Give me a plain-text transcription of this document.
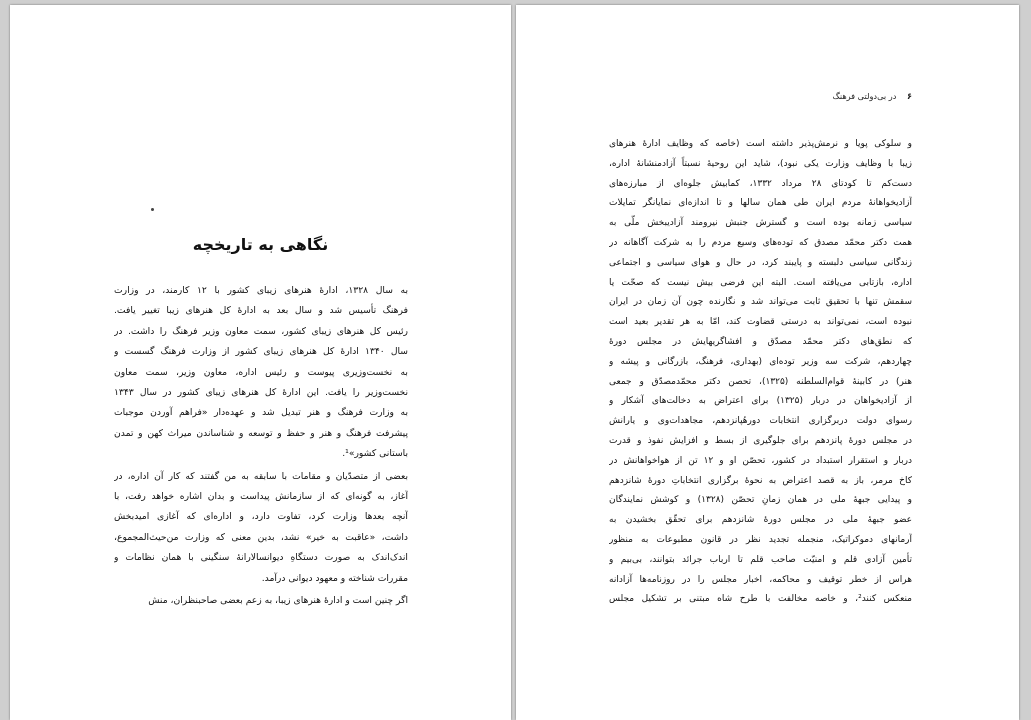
۶ در بی‌دولتی فرهنگ
و سلوکی پویا و نرمش‌پذیر داشته است (خاصه که وظایف ادارهٔ هنرهای
زیبا با وظایف وزارت یکی نبود)، شاید این روحیهٔ نسبتاً آزادمنشانهٔ اداره،
دست‌کم تا کودتای ۲۸ مرداد ۱۳۳۲، کمابیش جلوه‌ای از مبارزه‌های
آزادیخواهانهٔ مردم ایران طی همان سالها و تا اندازه‌ای نمایانگر تمایلات
سیاسی زمانه بوده است و گسترش جنبش نیرومند آزادیبخش ملّی به
همت دکتر محمّد مصدق که توده‌های وسیع مردم را به شرکت آگاهانه در
زندگانی سیاسی دلبسته و پایبند کرد، در حال و هوای سیاسی و اجتماعی
اداره، بازتابی می‌یافته است. البته این فرضی بیش نیست که صحّت یا
سقمش تنها با تحقیق ثابت می‌تواند شد و نگارنده چون آن زمان در ایران
نبوده است، نمی‌تواند به درستی قضاوت کند، امّا به هر تقدیر بعید است
که نطق‌های دکتر محمّد مصدّق و افشاگریهایش در مجلس دورهٔ
چهاردهم، شرکت سه وزیر توده‌ای (بهداری، فرهنگ، بازرگانی و پیشه و
هنر) در کابینهٔ قوام‌السلطنه (۱۳۲۵)، تحصن دکتر محمّدمصدّق و جمعی
از آزادیخواهان در دربار (۱۳۲۵) برای اعتراض به دخالت‌های آشکار و
رسوای دولت دربرگزاری انتخابات دورهٔپانزدهم، مجاهدات‌وی و یارانش
در مجلس دورهٔ پانزدهم برای جلوگیری از بسط و افزایش نفوذ و قدرت
دربار و استقرار استبداد در کشور، تحصّن او و ۱۲ تن از هواخواهانش در
کاخ مرمر، باز به قصد اعتراض به نحوهٔ برگزاری انتخاباتِ دورهٔ شانزدهم
و پیدایی جبههٔ ملی در همان زمانِ تحصّن (۱۳۲۸) و کوشش نمایندگان
عضو جبههٔ ملی در مجلس دورهٔ شانزدهم برای تحقّق بخشیدن به
آرمانهای دموکراتیک، منجمله تجدید نظر در قانون مطبوعات به منظور
تأمین آزادی قلم و امنیّت صاحب قلم تا ارباب جرائد بتوانند، بی‌بیم و
هراس از خطر توقیف و محاکمه، اخبار مجلس را در روزنامه‌ها آزادانه
منعکس کنند²، و خاصه مخالفت با طرح شاه مبتنی بر تشکیل مجلس
نگاهی به تاریخچه
به سال ۱۳۲۸، ادارهٔ هنرهای زیبای کشور با ۱۲ کارمند، در وزارت
فرهنگ تأسیس شد و سال بعد به ادارهٔ کل هنرهای زیبا تغییر یافت.
رئیس کل هنرهای زیبای کشور، سمت معاون وزیر فرهنگ را داشت. در
سال ۱۳۴۰ ادارهٔ کل هنرهای زیبای کشور از وزارت فرهنگ گسست و
به نخست‌وزیری پیوست و رئیس اداره، معاون وزیر، سمت معاون
نخست‌وزیر را یافت. این ادارهٔ کل هنرهای زیبای کشور در سال ۱۳۴۳
به وزارت فرهنگ و هنر تبدیل شد و عهده‌دار «فراهم آوردن موجبات
پیشرفت فرهنگ و هنر و حفظ و توسعه و شناساندن میراث کهن و تمدن
باستانی کشور»¹.
بعضی از متصدّیان و مقامات با سابقه به من گفتند که کار آن اداره، در
آغاز، به گونه‌ای که از سازمانش پیداست و بدان اشاره خواهد رفت، با
آنچه بعدها وزارت کرد، تفاوت دارد، و اداره‌ای که آغازی امیدبخش
داشت، «عاقبت به خیر» نشد، بدین معنی که وزارت من‌حیث‌المجموع،
اندک‌اندک به صورت دستگاهِ دیوانسالارانهٔ سنگینی با همان نظامات و
مقررات شناخته و معهود دیوانی درآمد.
اگر چنین است و ادارهٔ هنرهای زیبا، به زعم بعضی صاحبنظران، منش
